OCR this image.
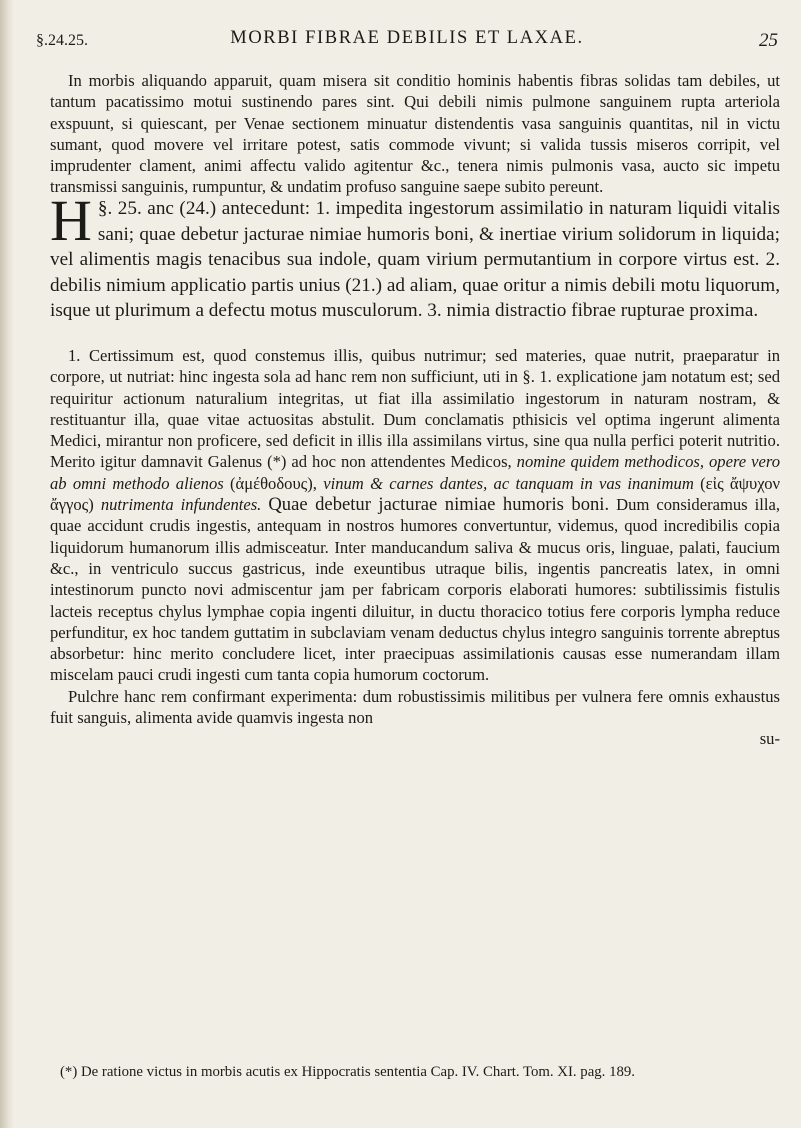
§.24.25.	MORBI FIBRAE DEBILIS ET LAXAE.	25
In morbis aliquando apparuit, quam misera sit conditio hominis habentis fibras solidas tam debiles, ut tantum pacatissimo motui sustinendo pares sint. Qui debili nimis pulmone sanguinem rupta arteriola exspuunt, si quiescant, per Venae sectionem minuatur distendentis vasa sanguinis quantitas, nil in victu sumant, quod movere vel irritare potest, satis commode vivunt; si valida tussis miseros corripit, vel imprudenter clament, animi affectu valido agitentur &c., tenera nimis pulmonis vasa, aucto sic impetu transmissi sanguinis, rumpuntur, & undatim profuso sanguine saepe subito pereunt.
§. 25.
H	anc (24.) antecedunt: 1. impedita ingestorum assimilatio in naturam liquidi vitalis sani; quae debetur jacturae nimiae humoris boni, & inertiae virium solidorum in liquida; vel alimentis magis tenacibus sua indole, quam virium permutantium in corpore virtus est. 2. debilis nimium applicatio partis unius (21.) ad aliam, quae oritur a nimis debili motu liquorum, isque ut plurimum a defectu motus musculorum. 3. nimia distractio fibrae rupturae proxima.
1. Certissimum est, quod constemus illis, quibus nutrimur; sed materies, quae nutrit, praeparatur in corpore, ut nutriat: hinc ingesta sola ad hanc rem non sufficiunt, uti in §. 1. explicatione jam notatum est; sed requiritur actionum naturalium integritas, ut fiat illa assimilatio ingestorum in naturam nostram, & restituantur illa, quae vitae actuositas abstulit. Dum conclamatis pthisicis vel optima ingerunt alimenta Medici, mirantur non proficere, sed deficit in illis illa assimilans virtus, sine qua nulla perfici poterit nutritio. Merito igitur damnavit Galenus (*) ad hoc non attendentes Medicos, nomine quidem methodicos, opere vero ab omni methodo alienos (ἀμέθοδους), vinum & carnes dantes, ac tanquam in vas inanimum (εἰς ἄψυχον ἄγγος) nutrimenta infundentes. Quae debetur jacturae nimiae humoris boni. Dum consideramus illa, quae accidunt crudis ingestis, antequam in nostros humores convertuntur, videmus, quod incredibilis copia liquidorum humanorum illis admisceatur. Inter manducandum saliva & mucus oris, linguae, palati, faucium &c., in ventriculo succus gastricus, inde exeuntibus utraque bilis, ingentis pancreatis latex, in omni intestinorum puncto novi admiscentur jam per fabricam corporis elaborati humores: subtilissimis fistulis lacteis receptus chylus lymphae copia ingenti diluitur, in ductu thoracico totius fere corporis lympha reduce perfunditur, ex hoc tandem guttatim in subclaviam venam deductus chylus integro sanguinis torrente abreptus absorbetur: hinc merito concludere licet, inter praecipuas assimilationis causas esse numerandam illam miscelam pauci crudi ingesti cum tanta copia humorum coctorum.
Pulchre hanc rem confirmant experimenta: dum robustissimis militibus per vulnera fere omnis exhaustus fuit sanguis, alimenta avide quamvis ingesta non
su-
(*) De ratione victus in morbis acutis ex Hippocratis sententia Cap. IV. Chart. Tom. XI. pag. 189.
